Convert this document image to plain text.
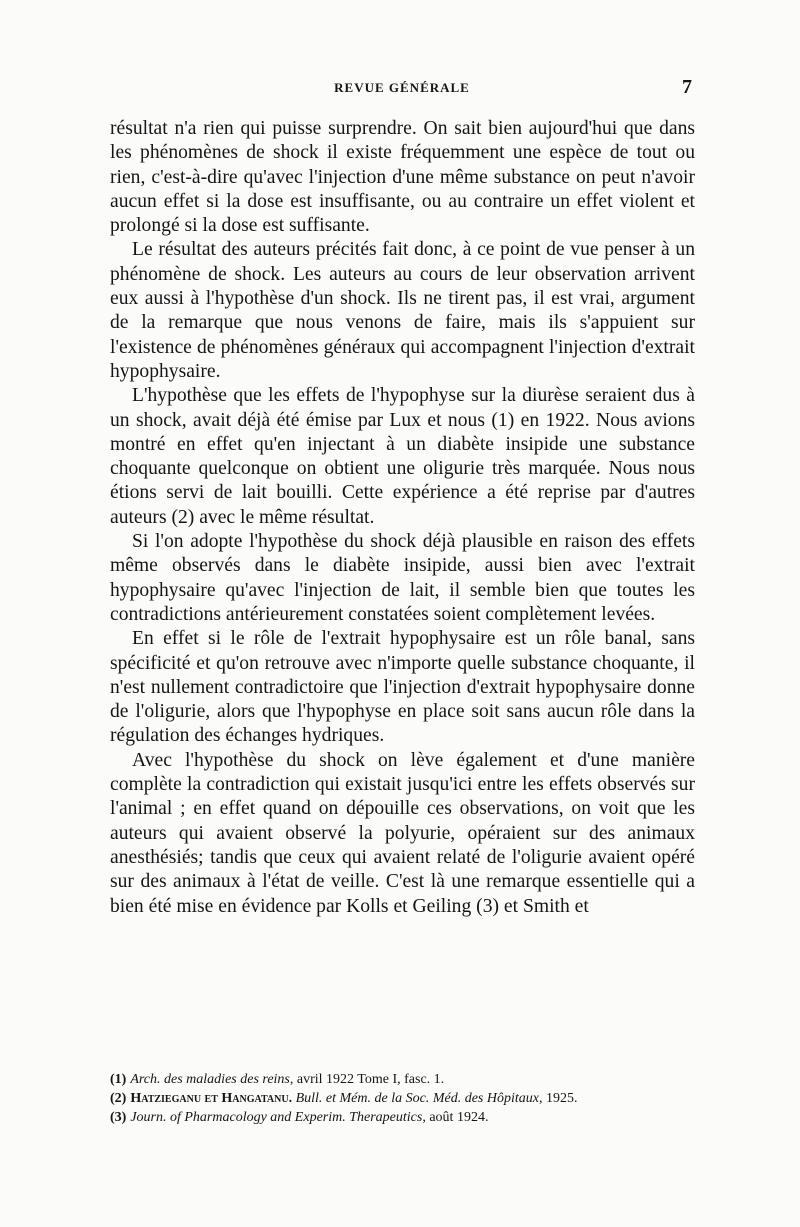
REVUE GÉNÉRALE	7

résultat n'a rien qui puisse surprendre. On sait bien aujourd'hui que dans les phénomènes de shock il existe fréquemment une espèce de tout ou rien, c'est-à-dire qu'avec l'injection d'une même substance on peut n'avoir aucun effet si la dose est insuffisante, ou au contraire un effet violent et prolongé si la dose est suffisante.

Le résultat des auteurs précités fait donc, à ce point de vue penser à un phénomène de shock. Les auteurs au cours de leur observation arrivent eux aussi à l'hypothèse d'un shock. Ils ne tirent pas, il est vrai, argument de la remarque que nous venons de faire, mais ils s'appuient sur l'existence de phénomènes généraux qui accompagnent l'injection d'extrait hypophysaire.

L'hypothèse que les effets de l'hypophyse sur la diurèse seraient dus à un shock, avait déjà été émise par Lux et nous (1) en 1922. Nous avions montré en effet qu'en injectant à un diabète insipide une substance choquante quelconque on obtient une oligurie très marquée. Nous nous étions servi de lait bouilli. Cette expérience a été reprise par d'autres auteurs (2) avec le même résultat.

Si l'on adopte l'hypothèse du shock déjà plausible en raison des effets même observés dans le diabète insipide, aussi bien avec l'extrait hypophysaire qu'avec l'injection de lait, il semble bien que toutes les contradictions antérieurement constatées soient complètement levées.

En effet si le rôle de l'extrait hypophysaire est un rôle banal, sans spécificité et qu'on retrouve avec n'importe quelle substance choquante, il n'est nullement contradictoire que l'injection d'extrait hypophysaire donne de l'oligurie, alors que l'hypophyse en place soit sans aucun rôle dans la régulation des échanges hydriques.

Avec l'hypothèse du shock on lève également et d'une manière complète la contradiction qui existait jusqu'ici entre les effets observés sur l'animal ; en effet quand on dépouille ces observations, on voit que les auteurs qui avaient observé la polyurie, opéraient sur des animaux anesthésiés; tandis que ceux qui avaient relaté de l'oligurie avaient opéré sur des animaux à l'état de veille. C'est là une remarque essentielle qui a bien été mise en évidence par Kolls et Geiling (3) et Smith et

(1) Arch. des maladies des reins, avril 1922 Tome I, fasc. 1.
(2) Hatzieganu et Hangatanu. Bull. et Mém. de la Soc. Méd. des Hôpitaux, 1925.
(3) Journ. of Pharmacology and Experim. Therapeutics, août 1924.
